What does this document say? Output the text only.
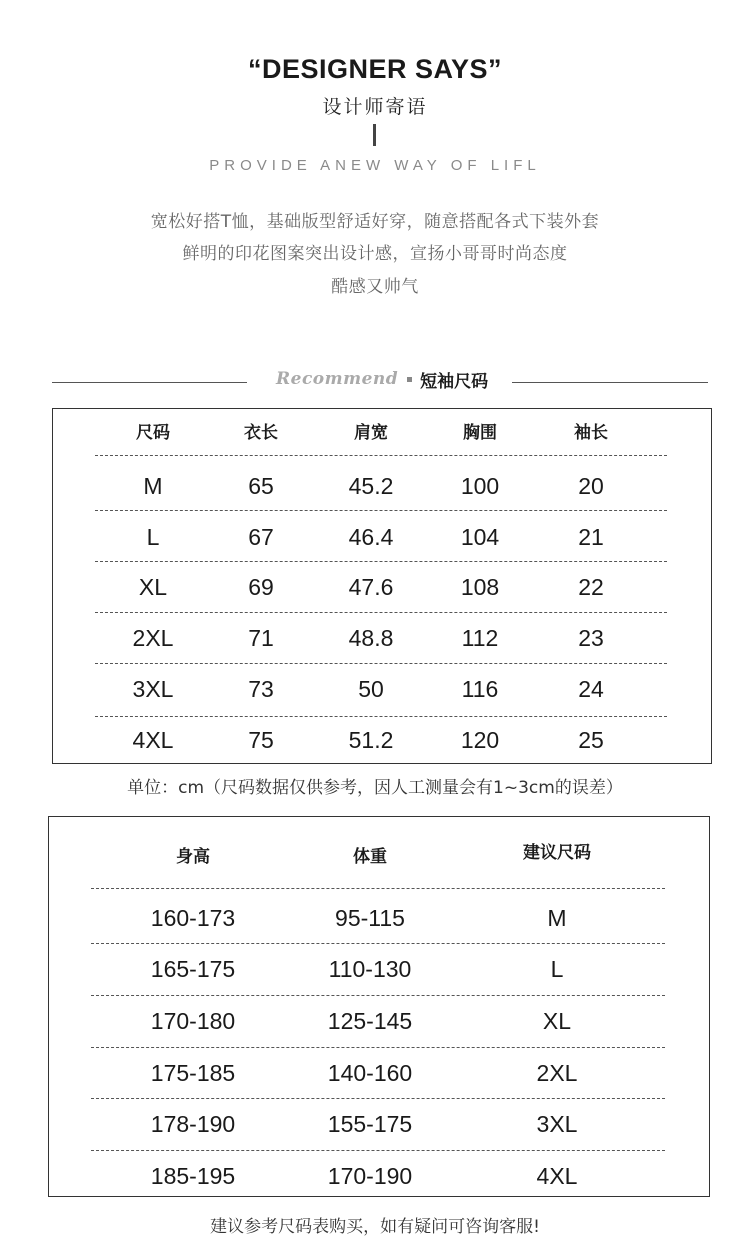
“DESIGNER SAYS”
设计师寄语
PROVIDE ANEW WAY OF LIFL
宽松好搭T恤，基础版型舒适好穿，随意搭配各式下装外套
鲜明的印花图案突出设计感，宣扬小哥哥时尚态度
酷感又帅气
Recommend 短袖尺码
尺码	衣长	肩宽	胸围	袖长
M	65	45.2	100	20
L	67	46.4	104	21
XL	69	47.6	108	22
2XL	71	48.8	112	23
3XL	73	50	116	24
4XL	75	51.2	120	25
单位：cm（尺码数据仅供参考，因人工测量会有1~3cm的误差）
身高	体重	建议尺码
160-173	95-115	M
165-175	110-130	L
170-180	125-145	XL
175-185	140-160	2XL
178-190	155-175	3XL
185-195	170-190	4XL
建议参考尺码表购买，如有疑问可咨询客服!
